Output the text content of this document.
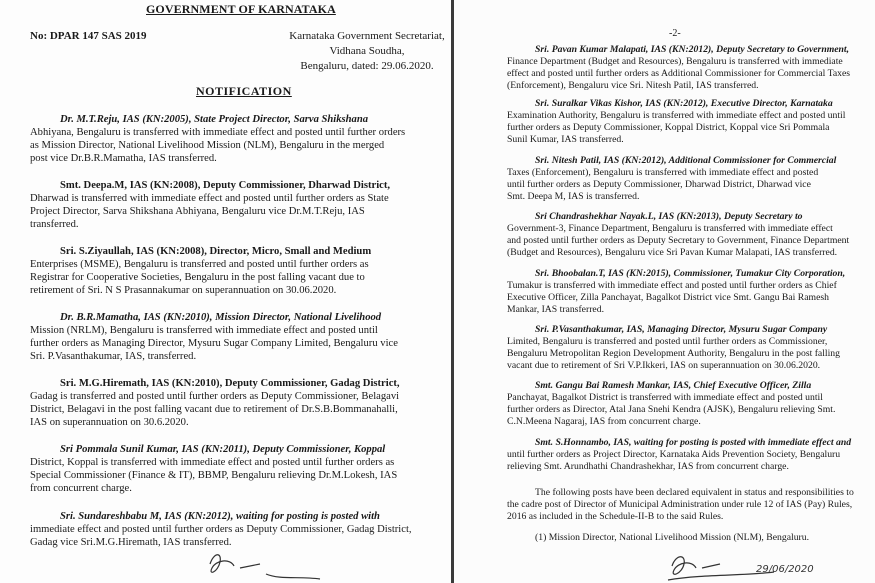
GOVERNMENT OF KARNATAKA
No: DPAR 147 SAS 2019	Karnataka Government Secretariat,
Vidhana Soudha,
Bengaluru, dated: 29.06.2020.
NOTIFICATION
Dr. M.T.Reju, IAS (KN:2005), State Project Director, Sarva Shikshana
Abhiyana, Bengaluru is transferred with immediate effect and posted until further orders
as Mission Director, National Livelihood Mission (NLM), Bengaluru in the merged
post vice Dr.B.R.Mamatha, IAS transferred.
Smt. Deepa.M, IAS (KN:2008), Deputy Commissioner, Dharwad District,
Dharwad is transferred with immediate effect and posted until further orders as State
Project Director, Sarva Shikshana Abhiyana, Bengaluru vice Dr.M.T.Reju, IAS
transferred.
Sri. S.Ziyaullah, IAS (KN:2008), Director, Micro, Small and Medium
Enterprises (MSME), Bengaluru is transferred and posted until further orders as
Registrar for Cooperative Societies, Bengaluru in the post falling vacant due to
retirement of Sri. N S Prasannakumar on superannuation on 30.06.2020.
Dr. B.R.Mamatha, IAS (KN:2010), Mission Director, National Livelihood
Mission (NRLM), Bengaluru is transferred with immediate effect and posted until
further orders as Managing Director, Mysuru Sugar Company Limited, Bengaluru vice
Sri. P.Vasanthakumar, IAS, transferred.
Sri. M.G.Hiremath, IAS (KN:2010), Deputy Commissioner, Gadag District,
Gadag is transferred and posted until further orders as Deputy Commissioner, Belagavi
District, Belagavi in the post falling vacant due to retirement of Dr.S.B.Bommanahalli,
IAS on superannuation on 30.6.2020.
Sri Pommala Sunil Kumar, IAS (KN:2011), Deputy Commissioner, Koppal
District, Koppal is transferred with immediate effect and posted until further orders as
Special Commissioner (Finance & IT), BBMP, Bengaluru relieving Dr.M.Lokesh, IAS
from concurrent charge.
Sri. Sundareshbabu M, IAS (KN:2012), waiting for posting is posted with
immediate effect and posted until further orders as Deputy Commissioner, Gadag District,
Gadag vice Sri.M.G.Hiremath, IAS transferred.
-2-
Sri. Pavan Kumar Malapati, IAS (KN:2012), Deputy Secretary to Government,
Finance Department (Budget and Resources), Bengaluru is transferred with immediate
effect and posted until further orders as Additional Commissioner for Commercial Taxes
(Enforcement), Bengaluru vice Sri. Nitesh Patil, IAS transferred.
Sri. Suralkar Vikas Kishor, IAS (KN:2012), Executive Director, Karnataka
Examination Authority, Bengaluru is transferred with immediate effect and posted until
further orders as Deputy Commissioner, Koppal District, Koppal vice Sri Pommala
Sunil Kumar, IAS transferred.
Sri. Nitesh Patil, IAS (KN:2012), Additional Commissioner for Commercial
Taxes (Enforcement), Bengaluru is transferred with immediate effect and posted
until further orders as Deputy Commissioner, Dharwad District, Dharwad vice
Smt. Deepa M, IAS is transferred.
Sri Chandrashekhar Nayak.L, IAS (KN:2013), Deputy Secretary to
Government-3, Finance Department, Bengaluru is transferred with immediate effect
and posted until further orders as Deputy Secretary to Government, Finance Department
(Budget and Resources), Bengaluru vice Sri Pavan Kumar Malapati, IAS transferred.
Sri. Bhoobalan.T, IAS (KN:2015), Commissioner, Tumakur City Corporation,
Tumakur is transferred with immediate effect and posted until further orders as Chief
Executive Officer, Zilla Panchayat, Bagalkot District vice Smt. Gangu Bai Ramesh
Mankar, IAS transferred.
Sri. P.Vasanthakumar, IAS, Managing Director, Mysuru Sugar Company
Limited, Bengaluru is transferred and posted until further orders as Commissioner,
Bengaluru Metropolitan Region Development Authority, Bengaluru in the post falling
vacant due to retirement of Sri V.P.Ikkeri, IAS on superannuation on 30.06.2020.
Smt. Gangu Bai Ramesh Mankar, IAS, Chief Executive Officer, Zilla
Panchayat, Bagalkot District is transferred with immediate effect and posted until
further orders as Director, Atal Jana Snehi Kendra (AJSK), Bengaluru relieving Smt.
C.N.Meena Nagaraj, IAS from concurrent charge.
Smt. S.Honnambo, IAS, waiting for posting is posted with immediate effect and
until further orders as Project Director, Karnataka Aids Prevention Society, Bengaluru
relieving Smt. Arundhathi Chandrashekhar, IAS from concurrent charge.
The following posts have been declared equivalent in status and responsibilities to
the cadre post of Director of Municipal Administration under rule 12 of IAS (Pay) Rules,
2016 as included in the Schedule-II-B to the said Rules.
(1) Mission Director, National Livelihood Mission (NLM), Bengaluru.
29/06/2020
